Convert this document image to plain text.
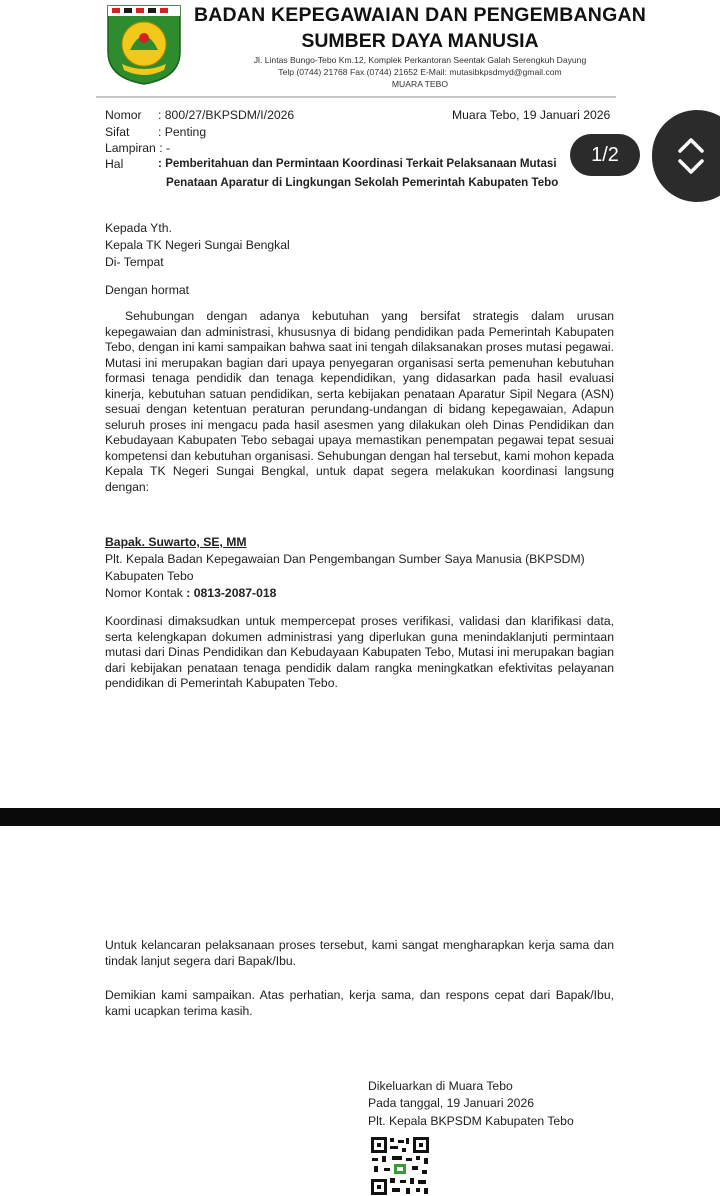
BADAN KEPEGAWAIAN DAN PENGEMBANGAN
SUMBER DAYA MANUSIA
Jl. Lintas Bungo-Tebo Km.12, Komplek Perkantoran Seentak Galah Serengkuh Dayung
Telp (0744) 21768 Fax (0744) 21652 E-Mail: mutasibkpsdmyd@gmail.com
MUARA TEBO
Nomor	: 800/27/BKPSDM/I/2026	Muara Tebo, 19 Januari 2026
Sifat	: Penting
Lampiran : -
Hal	: Pemberitahuan dan Permintaan Koordinasi Terkait Pelaksanaan Mutasi
Penataan Aparatur di Lingkungan Sekolah Pemerintah Kabupaten Tebo
Kepada Yth.
Kepala TK Negeri Sungai Bengkal
Di- Tempat
Dengan hormat
Sehubungan dengan adanya kebutuhan yang bersifat strategis dalam urusan kepegawaian dan administrasi, khususnya di bidang pendidikan pada Pemerintah Kabupaten Tebo, dengan ini kami sampaikan bahwa saat ini tengah dilaksanakan proses mutasi pegawai. Mutasi ini merupakan bagian dari upaya penyegaran organisasi serta pemenuhan kebutuhan formasi tenaga pendidik dan tenaga kependidikan, yang didasarkan pada hasil evaluasi kinerja, kebutuhan satuan pendidikan, serta kebijakan penataan Aparatur Sipil Negara (ASN) sesuai dengan ketentuan peraturan perundang-undangan di bidang kepegawaian, Adapun seluruh proses ini mengacu pada hasil asesmen yang dilakukan oleh Dinas Pendidikan dan Kebudayaan Kabupaten Tebo sebagai upaya memastikan penempatan pegawai tepat sesuai kompetensi dan kebutuhan organisasi. Sehubungan dengan hal tersebut, kami mohon kepada Kepala TK Negeri Sungai Bengkal, untuk dapat segera melakukan koordinasi langsung dengan:
Bapak. Suwarto, SE, MM
Plt. Kepala Badan Kepegawaian Dan Pengembangan Sumber Saya Manusia (BKPSDM)
Kabupaten Tebo
Nomor Kontak : 0813-2087-018
Koordinasi dimaksudkan untuk mempercepat proses verifikasi, validasi dan klarifikasi data, serta kelengkapan dokumen administrasi yang diperlukan guna menindaklanjuti permintaan mutasi dari Dinas Pendidikan dan Kebudayaan Kabupaten Tebo, Mutasi ini merupakan bagian dari kebijakan penataan tenaga pendidik dalam rangka meningkatkan efektivitas pelayanan pendidikan di Pemerintah Kabupaten Tebo.
Untuk kelancaran pelaksanaan proses tersebut, kami sangat mengharapkan kerja sama dan tindak lanjut segera dari Bapak/Ibu.
Demikian kami sampaikan. Atas perhatian, kerja sama, dan respons cepat dari Bapak/Ibu, kami ucapkan terima kasih.
Dikeluarkan di Muara Tebo
Pada tanggal, 19 Januari 2026
Plt. Kepala BKPSDM Kabupaten Tebo
1/2
